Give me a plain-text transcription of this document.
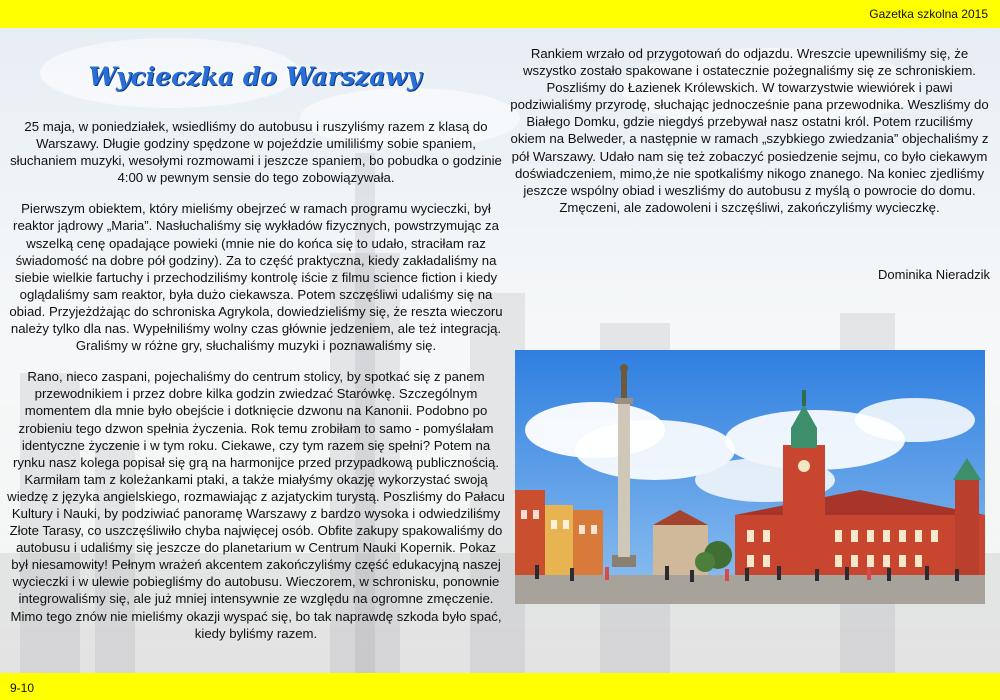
Gazetka szkolna 2015
Wycieczka do Warszawy

25 maja, w poniedziałek, wsiedliśmy do autobusu i ruszyliśmy razem z klasą do Warszawy. Długie godziny spędzone w pojeździe umililiśmy sobie spaniem, słuchaniem muzyki, wesołymi rozmowami i jeszcze spaniem, bo pobudka o godzinie 4:00 w pewnym sensie do tego zobowiązywała.

Pierwszym obiektem, który mieliśmy obejrzeć w ramach programu wycieczki, był reaktor jądrowy „Maria”. Nasłuchaliśmy się wykładów fizycznych, powstrzymując za wszelką cenę opadające powieki (mnie nie do końca się to udało, straciłam raz świadomość na dobre pół godziny). Za to część praktyczna, kiedy zakładaliśmy na siebie wielkie fartuchy i przechodziliśmy kontrolę iście z filmu science fiction i kiedy oglądaliśmy sam reaktor, była dużo ciekawsza. Potem szczęśliwi udaliśmy się na obiad. Przyjeżdżając do schroniska Agrykola, dowiedzieliśmy się, że reszta wieczoru należy tylko dla nas. Wypełniliśmy wolny czas głównie jedzeniem, ale też integracją. Graliśmy w różne gry, słuchaliśmy muzyki i poznawaliśmy się.

Rano, nieco zaspani, pojechaliśmy do centrum stolicy, by spotkać się z panem przewodnikiem i przez dobre kilka godzin zwiedzać Starówkę. Szczególnym momentem dla mnie było obejście i dotknięcie dzwonu na Kanonii. Podobno po zrobieniu tego dzwon spełnia życzenia. Rok temu zrobiłam to samo - pomyślałam identyczne życzenie i w tym roku. Ciekawe, czy tym razem się spełni? Potem na rynku nasz kolega popisał się grą na harmonijce przed przypadkową publicznością. Karmiłam tam z koleżankami ptaki, a także miałyśmy okazję wykorzystać swoją wiedzę z języka angielskiego, rozmawiając z azjatyckim turystą. Poszliśmy do Pałacu Kultury i Nauki, by podziwiać panoramę Warszawy z bardzo wysoka i odwiedziliśmy Złote Tarasy, co uszczęśliwiło chyba najwięcej osób. Obfite zakupy spakowaliśmy do autobusu i udaliśmy się jeszcze do planetarium w Centrum Nauki Kopernik. Pokaz był niesamowity! Pełnym wrażeń akcentem zakończyliśmy część edukacyjną naszej wycieczki i w ulewie pobiegliśmy do autobusu. Wieczorem, w schronisku, ponownie integrowaliśmy się, ale już mniej intensywnie ze względu na ogromne zmęczenie. Mimo tego znów nie mieliśmy okazji wyspać się, bo tak naprawdę szkoda było spać, kiedy byliśmy razem.

Rankiem wrzało od przygotowań do odjazdu. Wreszcie upewniliśmy się, że wszystko zostało spakowane i ostatecznie pożegnaliśmy się ze schroniskiem. Poszliśmy do Łazienek Królewskich. W towarzystwie wiewiórek i pawi podziwialiśmy przyrodę, słuchając jednocześnie pana przewodnika. Weszliśmy do Białego Domku, gdzie niegdyś przebywał nasz ostatni król. Potem rzuciliśmy okiem na Belweder, a następnie w ramach „szybkiego zwiedzania” objechaliśmy z pół Warszawy. Udało nam się też zobaczyć posiedzenie sejmu, co było ciekawym doświadczeniem, mimo,że nie spotkaliśmy nikogo znanego. Na koniec zjedliśmy jeszcze wspólny obiad i weszliśmy do autobusu z myślą o powrocie do domu. Zmęczeni, ale zadowoleni i szczęśliwi, zakończyliśmy wycieczkę.

Dominika Nieradzik
9-10
